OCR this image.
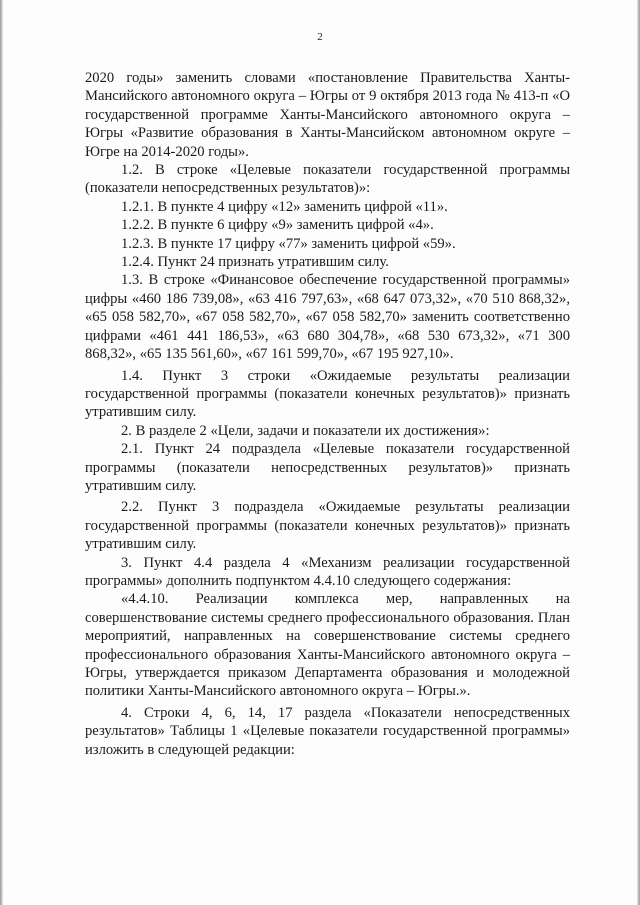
2

2020 годы» заменить словами «постановление Правительства Ханты-Мансийского автономного округа – Югры от 9 октября 2013 года № 413-п «О государственной программе Ханты-Мансийского автономного округа – Югры «Развитие образования в Ханты-Мансийском автономном округе – Югре на 2014-2020 годы».

1.2. В строке «Целевые показатели государственной программы (показатели непосредственных результатов)»:

1.2.1. В пункте 4 цифру «12» заменить цифрой «11».

1.2.2. В пункте 6 цифру «9» заменить цифрой «4».

1.2.3. В пункте 17 цифру «77» заменить цифрой «59».

1.2.4. Пункт 24 признать утратившим силу.

1.3. В строке «Финансовое обеспечение государственной программы» цифры «460 186 739,08», «63 416 797,63», «68 647 073,32», «70 510 868,32», «65 058 582,70», «67 058 582,70», «67 058 582,70» заменить соответственно цифрами «461 441 186,53», «63 680 304,78», «68 530 673,32», «71 300 868,32», «65 135 561,60», «67 161 599,70», «67 195 927,10».

1.4. Пункт 3 строки «Ожидаемые результаты реализации государственной программы (показатели конечных результатов)» признать утратившим силу.

2. В разделе 2 «Цели, задачи и показатели их достижения»:

2.1. Пункт 24 подраздела «Целевые показатели государственной программы (показатели непосредственных результатов)» признать утратившим силу.

2.2. Пункт 3 подраздела «Ожидаемые результаты реализации государственной программы (показатели конечных результатов)» признать утратившим силу.

3. Пункт 4.4 раздела 4 «Механизм реализации государственной программы» дополнить подпунктом 4.4.10 следующего содержания:

«4.4.10. Реализации комплекса мер, направленных на совершенствование системы среднего профессионального образования. План мероприятий, направленных на совершенствование системы среднего профессионального образования Ханты-Мансийского автономного округа – Югры, утверждается приказом Департамента образования и молодежной политики Ханты-Мансийского автономного округа – Югры.».

4. Строки 4, 6, 14, 17 раздела «Показатели непосредственных результатов» Таблицы 1 «Целевые показатели государственной программы» изложить в следующей редакции:
